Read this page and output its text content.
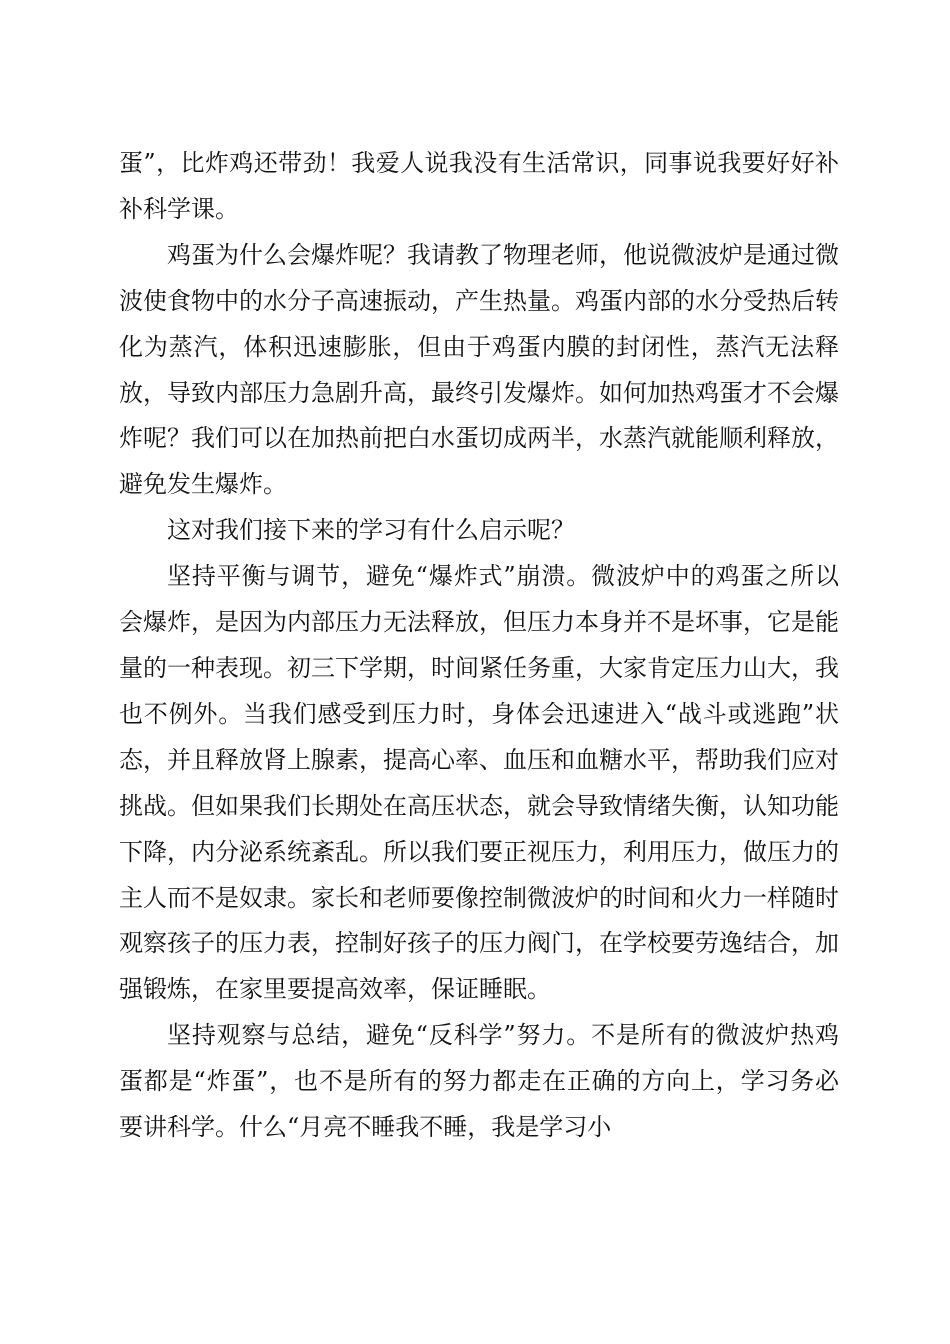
蛋”，比炸鸡还带劲！我爱人说我没有生活常识，同事说我要好好补补科学课。

鸡蛋为什么会爆炸呢？我请教了物理老师，他说微波炉是通过微波使食物中的水分子高速振动，产生热量。鸡蛋内部的水分受热后转化为蒸汽，体积迅速膨胀，但由于鸡蛋内膜的封闭性，蒸汽无法释放，导致内部压力急剧升高，最终引发爆炸。如何加热鸡蛋才不会爆炸呢？我们可以在加热前把白水蛋切成两半，水蒸汽就能顺利释放，避免发生爆炸。

这对我们接下来的学习有什么启示呢？

坚持平衡与调节，避免“爆炸式”崩溃。微波炉中的鸡蛋之所以会爆炸，是因为内部压力无法释放，但压力本身并不是坏事，它是能量的一种表现。初三下学期，时间紧任务重，大家肯定压力山大，我也不例外。当我们感受到压力时，身体会迅速进入“战斗或逃跑”状态，并且释放肾上腺素，提高心率、血压和血糖水平，帮助我们应对挑战。但如果我们长期处在高压状态，就会导致情绪失衡，认知功能下降，内分泌系统紊乱。所以我们要正视压力，利用压力，做压力的主人而不是奴隶。家长和老师要像控制微波炉的时间和火力一样随时观察孩子的压力表，控制好孩子的压力阀门，在学校要劳逸结合，加强锻炼，在家里要提高效率，保证睡眠。

坚持观察与总结，避免“反科学”努力。不是所有的微波炉热鸡蛋都是“炸蛋”，也不是所有的努力都走在正确的方向上，学习务必要讲科学。什么“月亮不睡我不睡，我是学习小
